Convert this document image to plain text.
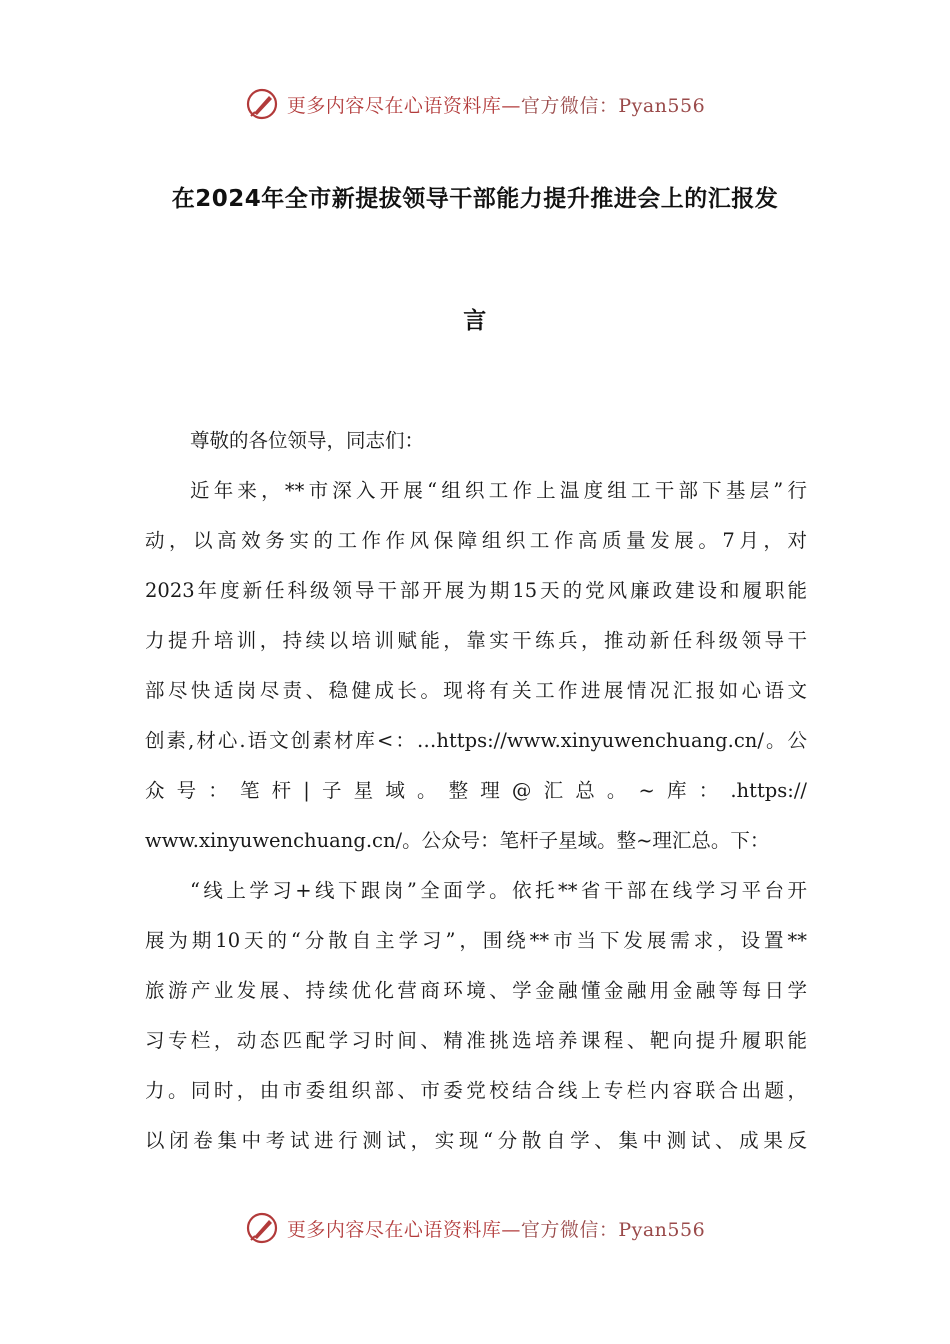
更多内容尽在心语资料库—官方微信：Pyan556
在2024年全市新提拔领导干部能力提升推进会上的汇报发
言
尊敬的各位领导，同志们：
近年来，**市深入开展“组织工作上温度组工干部下基层”行
动，以高效务实的工作作风保障组织工作高质量发展。7月，对
2023年度新任科级领导干部开展为期15天的党风廉政建设和履职能
力提升培训，持续以培训赋能，靠实干练兵，推动新任科级领导干
部尽快适岗尽责、稳健成长。现将有关工作进展情况汇报如心语文
创素,材心.语文创素材库<：…https://www.xinyuwenchuang.cn/。公
众号：笔杆|子星域。整理@汇总。~库：.https://
www.xinyuwenchuang.cn/。公众号：笔杆子星域。整~理汇总。下：
“线上学习+线下跟岗”全面学。依托**省干部在线学习平台开
展为期10天的“分散自主学习”，围绕**市当下发展需求，设置**
旅游产业发展、持续优化营商环境、学金融懂金融用金融等每日学
习专栏，动态匹配学习时间、精准挑选培养课程、靶向提升履职能
力。同时，由市委组织部、市委党校结合线上专栏内容联合出题，
以闭卷集中考试进行测试，实现“分散自学、集中测试、成果反
更多内容尽在心语资料库—官方微信：Pyan556
